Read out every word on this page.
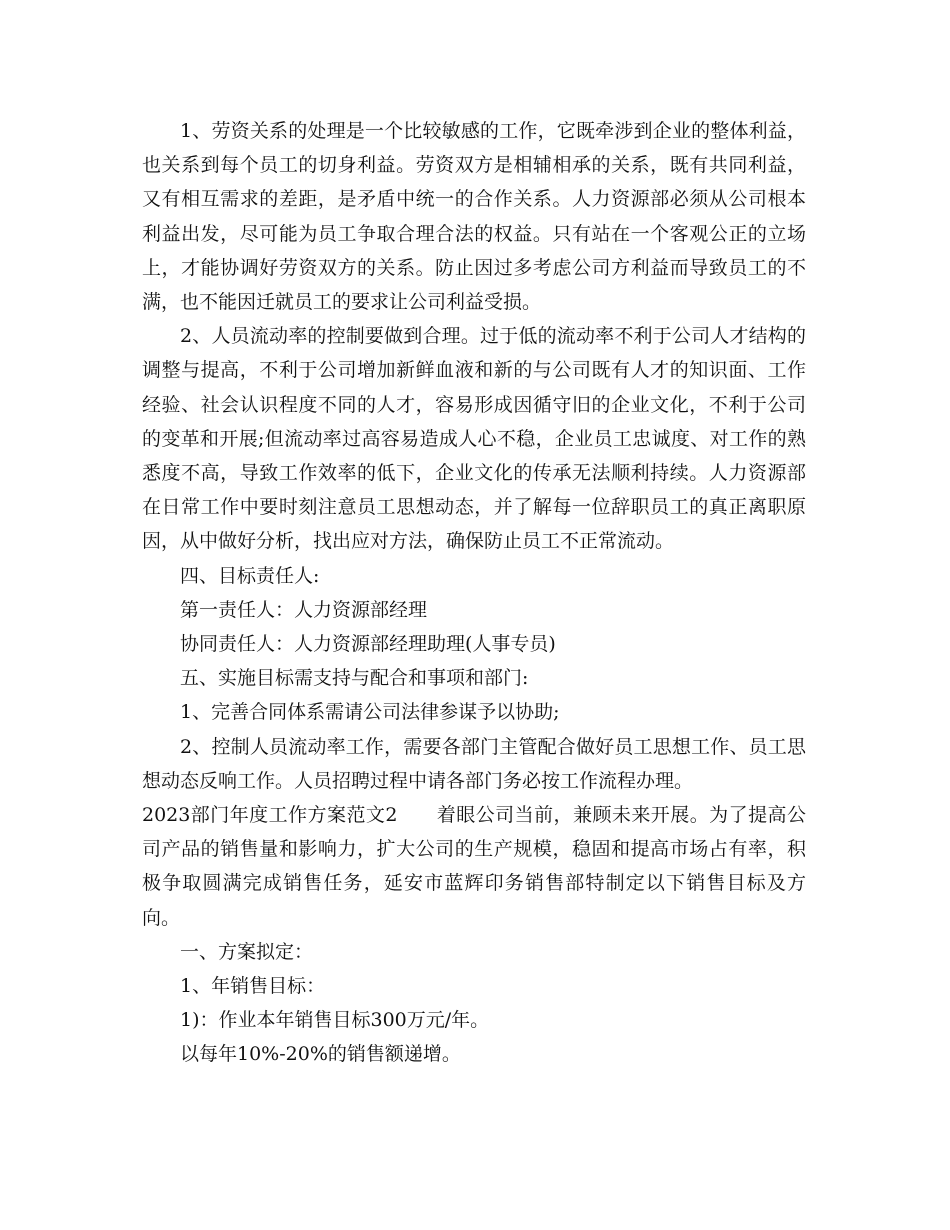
1、劳资关系的处理是一个比较敏感的工作，它既牵涉到企业的整体利益，也关系到每个员工的切身利益。劳资双方是相辅相承的关系，既有共同利益，又有相互需求的差距，是矛盾中统一的合作关系。人力资源部必须从公司根本利益出发，尽可能为员工争取合理合法的权益。只有站在一个客观公正的立场上，才能协调好劳资双方的关系。防止因过多考虑公司方利益而导致员工的不满，也不能因迁就员工的要求让公司利益受损。

2、人员流动率的控制要做到合理。过于低的流动率不利于公司人才结构的调整与提高，不利于公司增加新鲜血液和新的与公司既有人才的知识面、工作经验、社会认识程度不同的人才，容易形成因循守旧的企业文化，不利于公司的变革和开展;但流动率过高容易造成人心不稳，企业员工忠诚度、对工作的熟悉度不高，导致工作效率的低下，企业文化的传承无法顺利持续。人力资源部在日常工作中要时刻注意员工思想动态，并了解每一位辞职员工的真正离职原因，从中做好分析，找出应对方法，确保防止员工不正常流动。

四、目标责任人:

第一责任人：人力资源部经理

协同责任人：人力资源部经理助理(人事专员)

五、实施目标需支持与配合和事项和部门:

1、完善合同体系需请公司法律参谋予以协助;

2、控制人员流动率工作，需要各部门主管配合做好员工思想工作、员工思想动态反响工作。人员招聘过程中请各部门务必按工作流程办理。

2023部门年度工作方案范文2　　着眼公司当前，兼顾未来开展。为了提高公司产品的销售量和影响力，扩大公司的生产规模，稳固和提高市场占有率，积极争取圆满完成销售任务，延安市蓝辉印务销售部特制定以下销售目标及方向。

一、方案拟定：

1、年销售目标：

1)：作业本年销售目标300万元/年。

以每年10%-20%的销售额递增。
